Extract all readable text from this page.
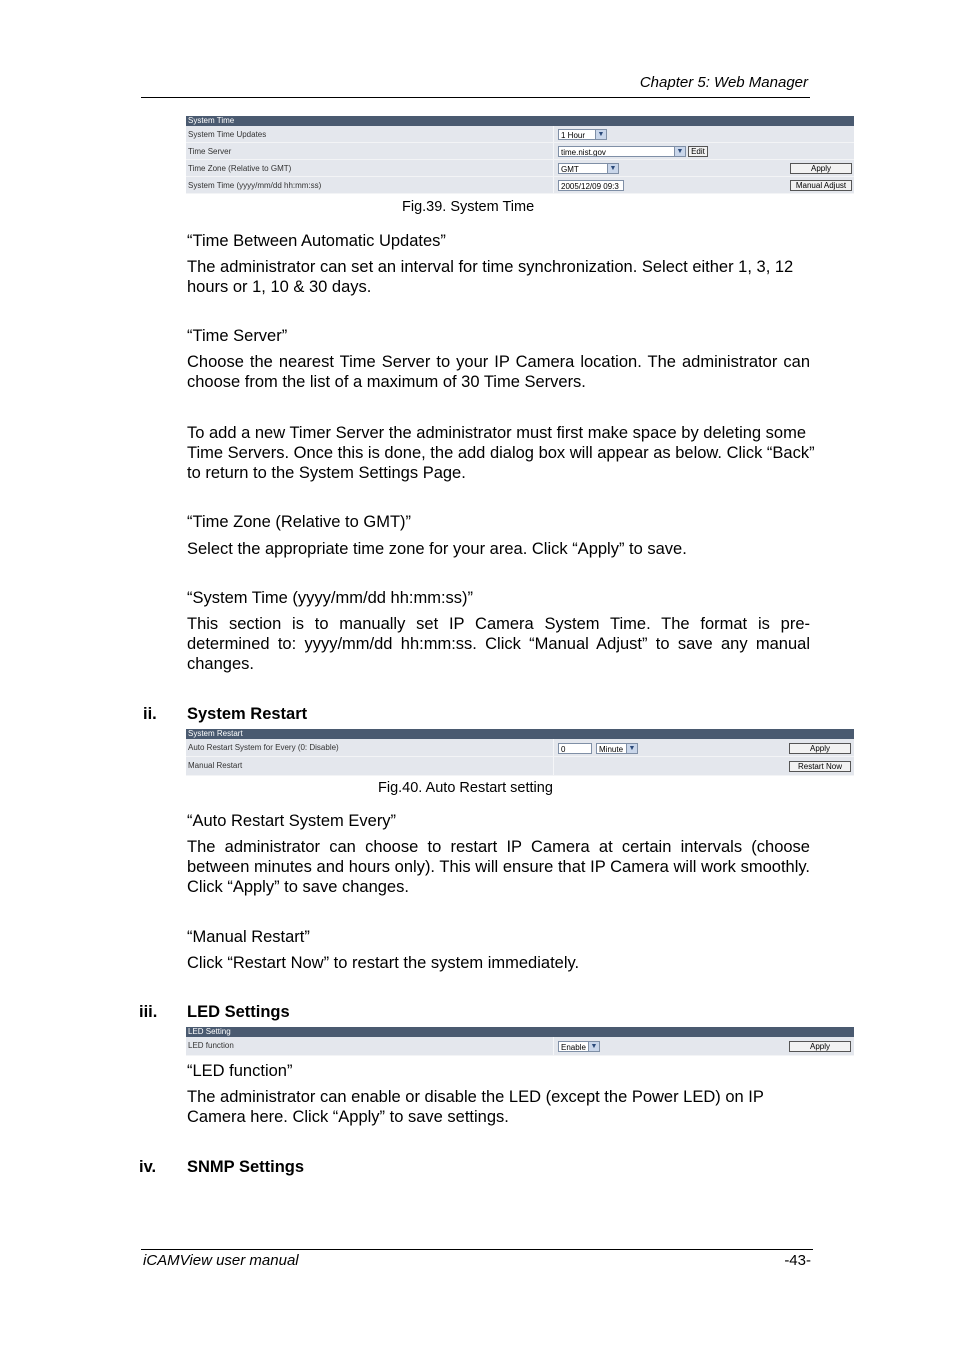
Chapter 5: Web Manager
System Time
System Time Updates	1 Hour	▼
Time Server	time.nist.gov	▼ Edit
Time Zone (Relative to GMT)	GMT	▼	Apply
System Time (yyyy/mm/dd hh:mm:ss)	2005/12/09 09:3	Manual Adjust
Fig.39. System Time
“Time Between Automatic Updates”
The administrator can set an interval for time synchronization. Select either 1, 3, 12 hours or 1, 10 & 30 days.
“Time Server”
Choose the nearest Time Server to your IP Camera location. The administrator can choose from the list of a maximum of 30 Time Servers.
To add a new Timer Server the administrator must first make space by deleting some Time Servers. Once this is done, the add dialog box will appear as below. Click “Back” to return to the System Settings Page.
“Time Zone (Relative to GMT)”
Select the appropriate time zone for your area. Click “Apply” to save.
“System Time (yyyy/mm/dd hh:mm:ss)”
This section is to manually set IP Camera System Time. The format is pre-determined to: yyyy/mm/dd hh:mm:ss. Click “Manual Adjust” to save any manual changes.
ii. System Restart
System Restart
Auto Restart System for Every (0: Disable)	0	Minute ▼	Apply
Manual Restart	Restart Now
Fig.40. Auto Restart setting
“Auto Restart System Every”
The administrator can choose to restart IP Camera at certain intervals (choose between minutes and hours only). This will ensure that IP Camera will work smoothly. Click “Apply” to save changes.
“Manual Restart”
Click “Restart Now” to restart the system immediately.
iii. LED Settings
LED Setting
LED function	Enable ▼	Apply
“LED function”
The administrator can enable or disable the LED (except the Power LED) on IP Camera here. Click “Apply” to save settings.
iv. SNMP Settings
iCAMView user manual	-43-
